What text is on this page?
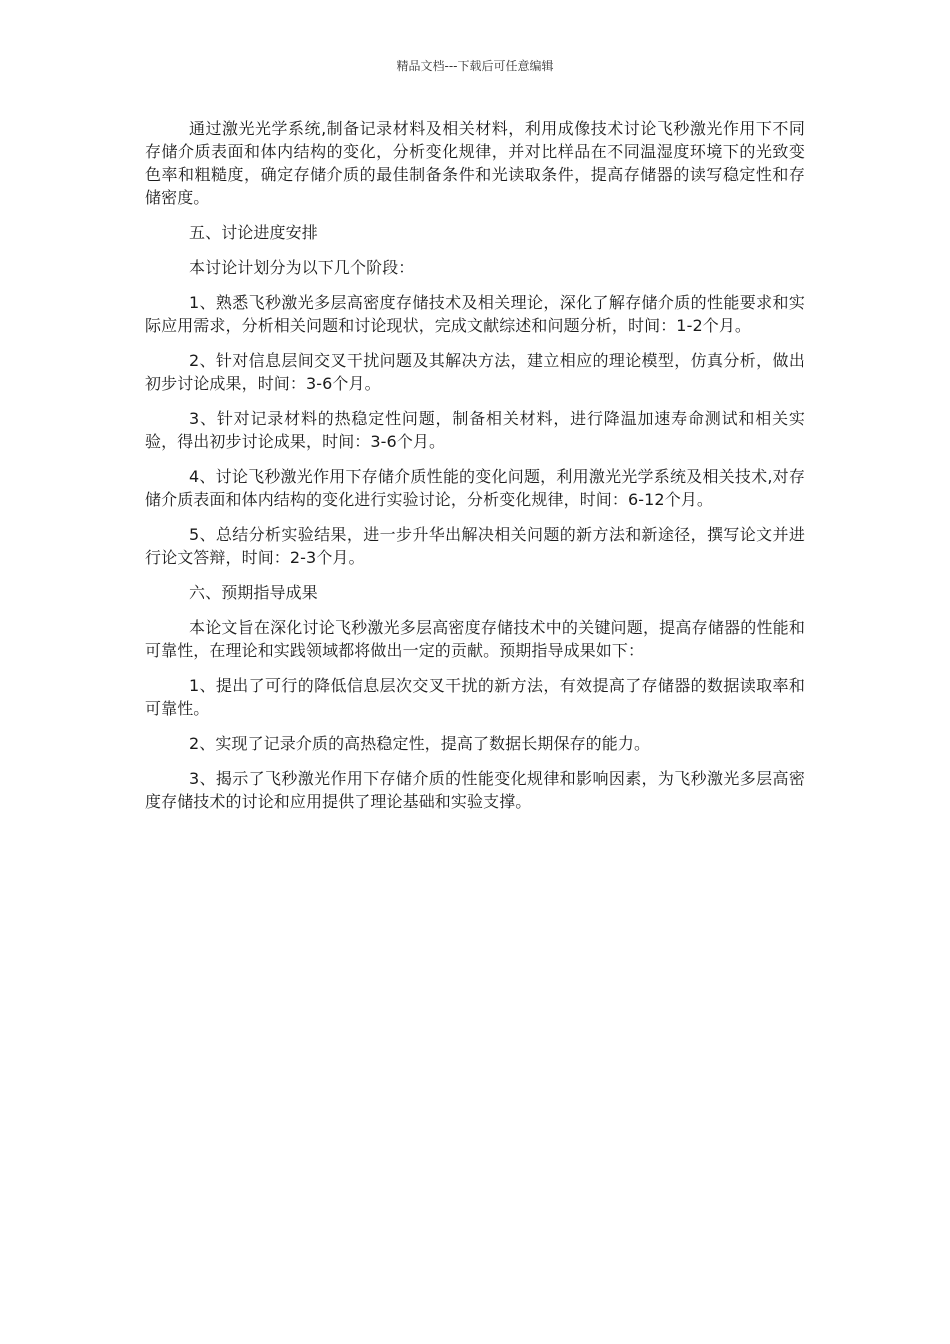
精品文档---下载后可任意编辑

通过激光光学系统,制备记录材料及相关材料，利用成像技术讨论飞秒激光作用下不同存储介质表面和体内结构的变化，分析变化规律，并对比样品在不同温湿度环境下的光致变色率和粗糙度，确定存储介质的最佳制备条件和光读取条件，提高存储器的读写稳定性和存储密度。

五、讨论进度安排

本讨论计划分为以下几个阶段：

1、熟悉飞秒激光多层高密度存储技术及相关理论，深化了解存储介质的性能要求和实际应用需求，分析相关问题和讨论现状，完成文献综述和问题分析，时间：1-2个月。

2、针对信息层间交叉干扰问题及其解决方法，建立相应的理论模型，仿真分析，做出初步讨论成果，时间：3-6个月。

3、针对记录材料的热稳定性问题，制备相关材料，进行降温加速寿命测试和相关实验，得出初步讨论成果，时间：3-6个月。

4、讨论飞秒激光作用下存储介质性能的变化问题，利用激光光学系统及相关技术,对存储介质表面和体内结构的变化进行实验讨论，分析变化规律，时间：6-12个月。

5、总结分析实验结果，进一步升华出解决相关问题的新方法和新途径，撰写论文并进行论文答辩，时间：2-3个月。

六、预期指导成果

本论文旨在深化讨论飞秒激光多层高密度存储技术中的关键问题，提高存储器的性能和可靠性，在理论和实践领域都将做出一定的贡献。预期指导成果如下：

1、提出了可行的降低信息层次交叉干扰的新方法，有效提高了存储器的数据读取率和可靠性。

2、实现了记录介质的高热稳定性，提高了数据长期保存的能力。

3、揭示了飞秒激光作用下存储介质的性能变化规律和影响因素，为飞秒激光多层高密度存储技术的讨论和应用提供了理论基础和实验支撑。
